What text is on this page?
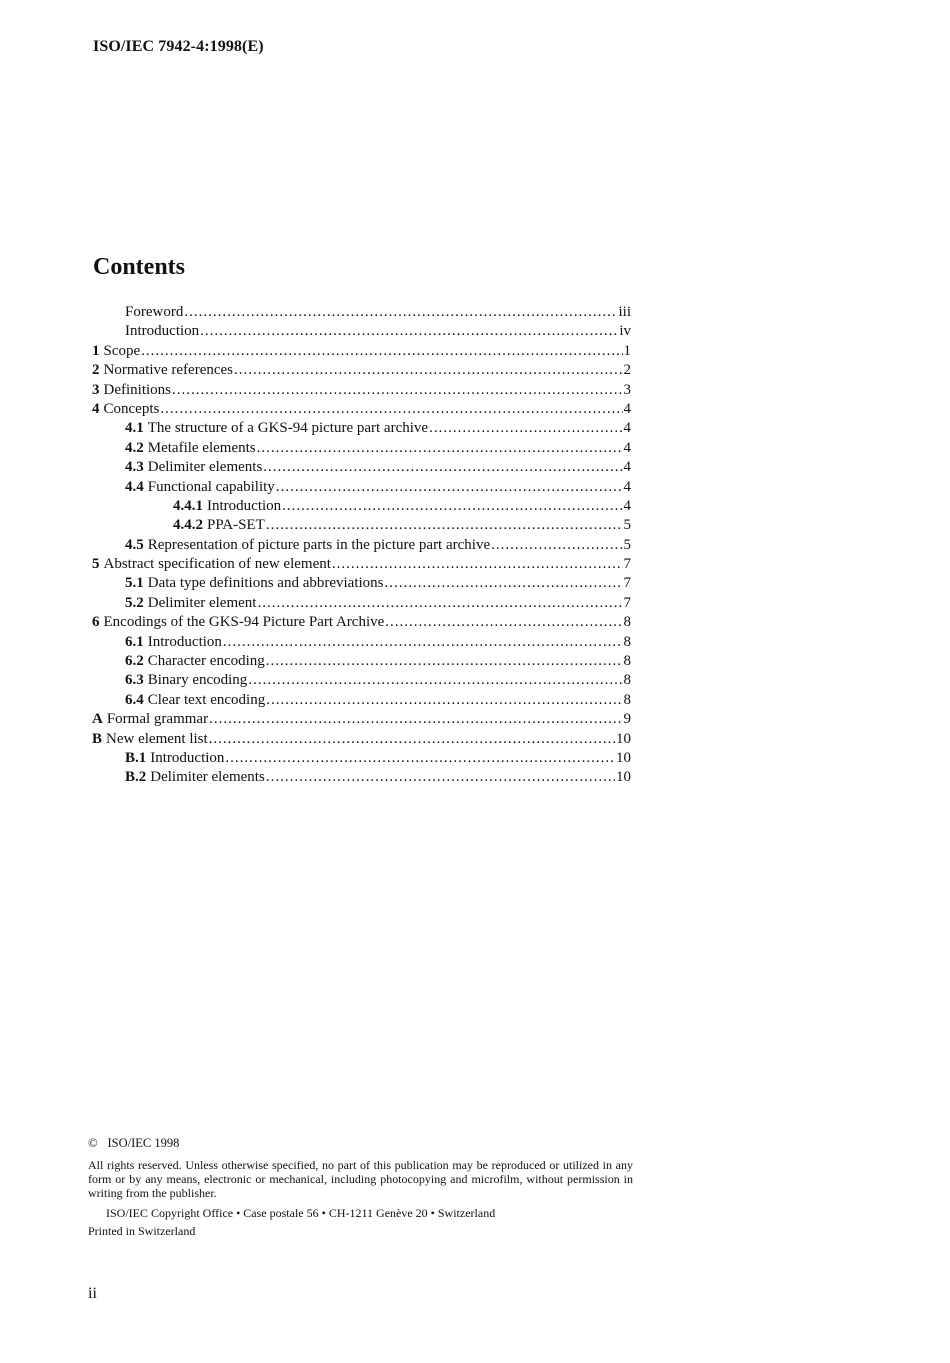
ISO/IEC 7942-4:1998(E)
Contents
Foreword .....	iii
Introduction .....	iv
1 Scope .....	1
2 Normative references .....	2
3 Definitions .....	3
4 Concepts .....	4
4.1 The structure of a GKS-94 picture part archive .....	4
4.2 Metafile elements .....	4
4.3 Delimiter elements .....	4
4.4 Functional capability .....	4
4.4.1 Introduction .....	4
4.4.2 PPA-SET .....	5
4.5 Representation of picture parts in the picture part archive .....	5
5 Abstract specification of new element .....	7
5.1 Data type definitions and abbreviations .....	7
5.2 Delimiter element .....	7
6 Encodings of the GKS-94 Picture Part Archive .....	8
6.1 Introduction .....	8
6.2 Character encoding .....	8
6.3 Binary encoding .....	8
6.4 Clear text encoding .....	8
A Formal grammar .....	9
B New element list .....	10
B.1 Introduction .....	10
B.2 Delimiter elements .....	10
© ISO/IEC 1998
All rights reserved. Unless otherwise specified, no part of this publication may be reproduced or utilized in any form or by any means, electronic or mechanical, including photocopying and microfilm, without permission in writing from the publisher.
ISO/IEC Copyright Office • Case postale 56 • CH-1211 Genève 20 • Switzerland
Printed in Switzerland
ii
